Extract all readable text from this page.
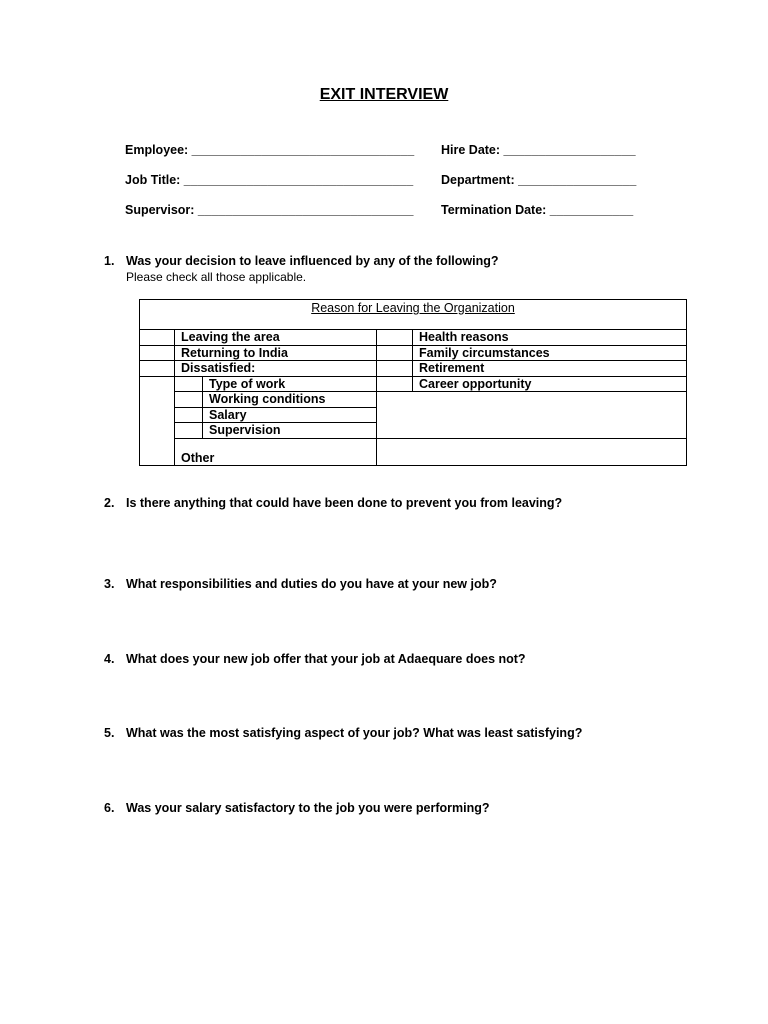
EXIT INTERVIEW
Employee: ________________________________ Hire Date: ___________________
Job Title: _________________________________ Department: _________________
Supervisor: _______________________________ Termination Date: ____________
1. Was your decision to leave influenced by any of the following?
Please check all those applicable.
Reason for Leaving the Organization
Leaving the area
Returning to India
Dissatisfied:
Type of work
Working conditions
Salary
Supervision
Other
Health reasons
Family circumstances
Retirement
Career opportunity
2. Is there anything that could have been done to prevent you from leaving?
3. What responsibilities and duties do you have at your new job?
4. What does your new job offer that your job at Adaequare does not?
5. What was the most satisfying aspect of your job? What was least satisfying?
6. Was your salary satisfactory to the job you were performing?
